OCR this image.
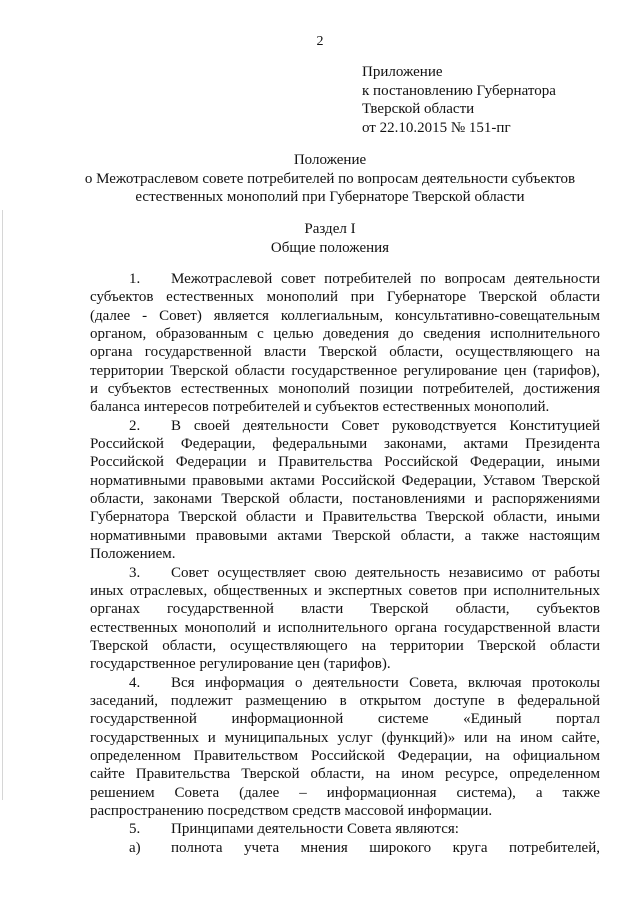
2
Приложение
к постановлению Губернатора
Тверской области
от 22.10.2015 № 151-пг
Положение
о Межотраслевом совете потребителей по вопросам деятельности субъектов
естественных монополий при Губернаторе Тверской области
Раздел I
Общие положения
1.	Межотраслевой совет потребителей по вопросам деятельности
субъектов естественных монополий при Губернаторе Тверской области
(далее - Совет) является коллегиальным, консультативно-совещательным
органом, образованным с целью доведения до сведения исполнительного
органа государственной власти Тверской области, осуществляющего на
территории Тверской области государственное регулирование цен (тарифов),
и субъектов естественных монополий позиции потребителей, достижения
баланса интересов потребителей и субъектов естественных монополий.
2.	В своей деятельности Совет руководствуется Конституцией
Российской Федерации, федеральными законами, актами Президента
Российской Федерации и Правительства Российской Федерации, иными
нормативными правовыми актами Российской Федерации, Уставом Тверской
области, законами Тверской области, постановлениями и распоряжениями
Губернатора Тверской области и Правительства Тверской области, иными
нормативными правовыми актами Тверской области, а также настоящим
Положением.
3.	Совет осуществляет свою деятельность независимо от работы
иных отраслевых, общественных и экспертных советов при исполнительных
органах государственной власти Тверской области, субъектов
естественных монополий и исполнительного органа государственной власти
Тверской области, осуществляющего на территории Тверской области
государственное регулирование цен (тарифов).
4.	Вся информация о деятельности Совета, включая протоколы
заседаний, подлежит размещению в открытом доступе в федеральной
государственной информационной системе «Единый портал
государственных и муниципальных услуг (функций)» или на ином сайте,
определенном Правительством Российской Федерации, на официальном
сайте Правительства Тверской области, на ином ресурсе, определенном
решением Совета (далее – информационная система), а также
распространению посредством средств массовой информации.
5.	Принципами деятельности Совета являются:
а)	полнота учета мнения широкого круга потребителей,
